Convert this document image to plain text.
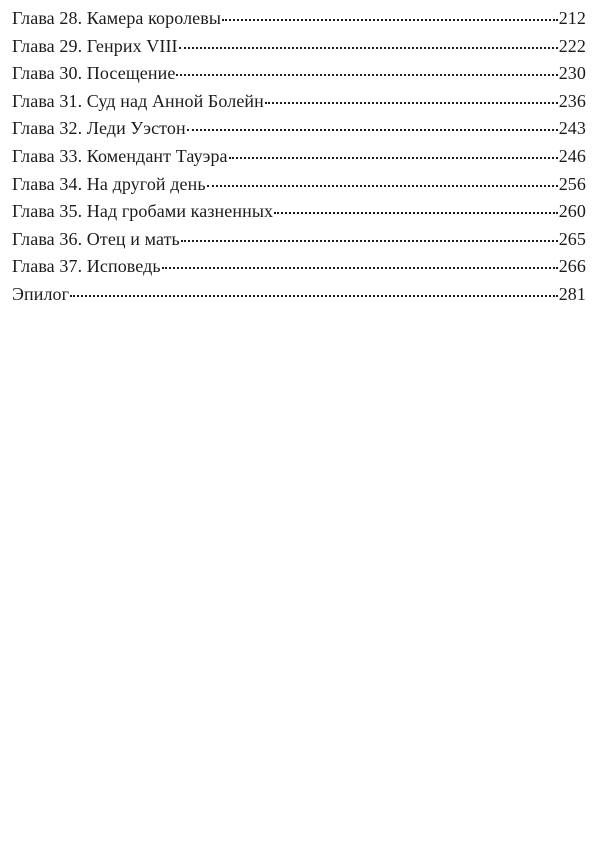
Глава 28. Камера королевы	212
Глава 29. Генрих VIII	222
Глава 30. Посещение	230
Глава 31. Суд над Анной Болейн	236
Глава 32. Леди Уэстон	243
Глава 33. Комендант Тауэра	246
Глава 34. На другой день	256
Глава 35. Над гробами казненных	260
Глава 36. Отец и мать	265
Глава 37. Исповедь	266
Эпилог	281
